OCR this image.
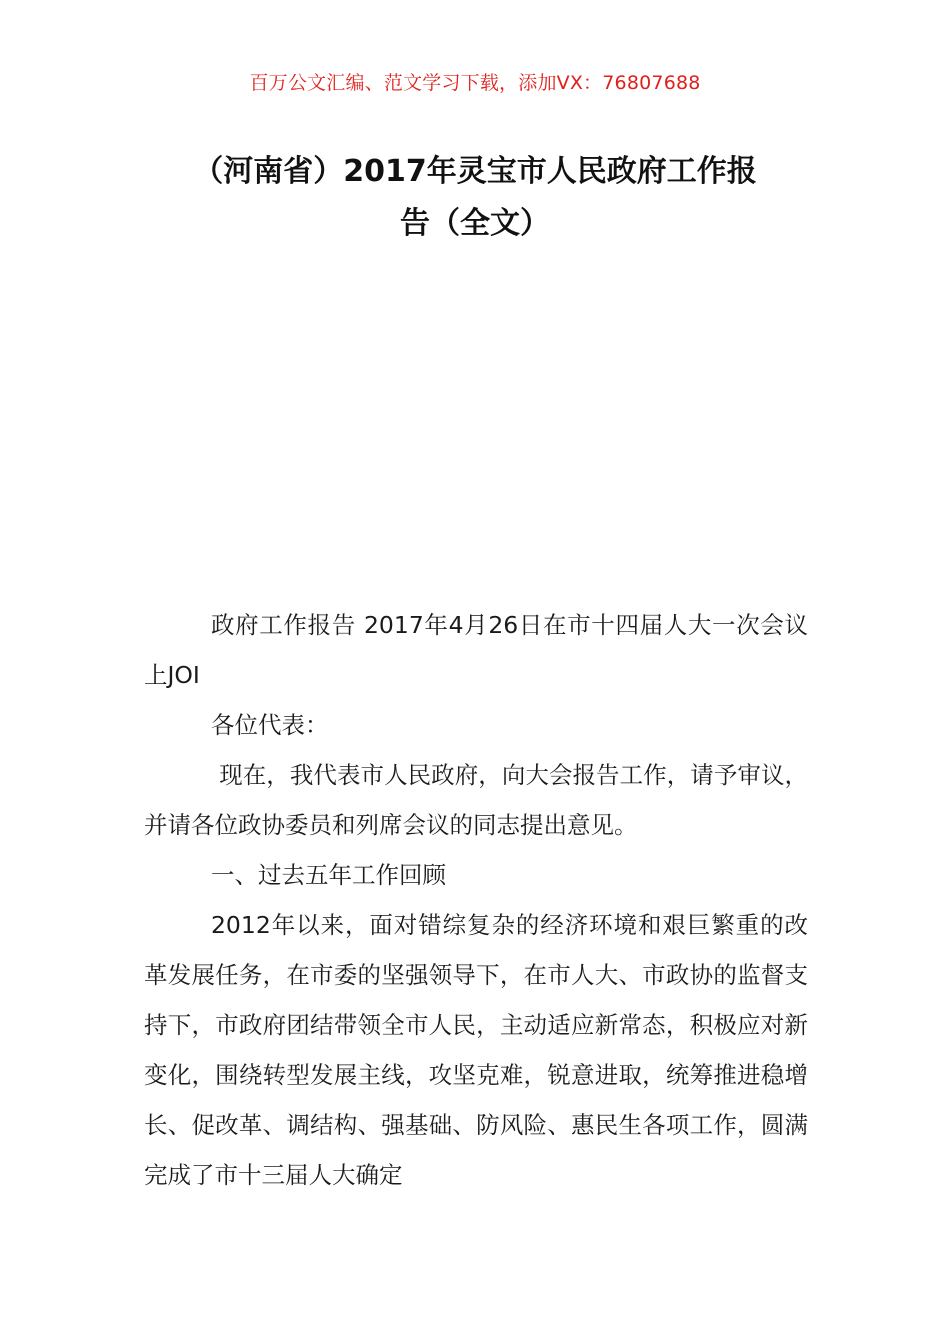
百万公文汇编、范文学习下载，添加VX：76807688
（河南省）2017年灵宝市人民政府工作报
告（全文）

政府工作报告 2017年4月26日在市十四届人大一次会议上JOI

各位代表：

现在，我代表市人民政府，向大会报告工作，请予审议，并请各位政协委员和列席会议的同志提出意见。

一、过去五年工作回顾

2012年以来，面对错综复杂的经济环境和艰巨繁重的改革发展任务，在市委的坚强领导下，在市人大、市政协的监督支持下，市政府团结带领全市人民，主动适应新常态，积极应对新变化，围绕转型发展主线，攻坚克难，锐意进取，统筹推进稳增长、促改革、调结构、强基础、防风险、惠民生各项工作，圆满完成了市十三届人大确定
